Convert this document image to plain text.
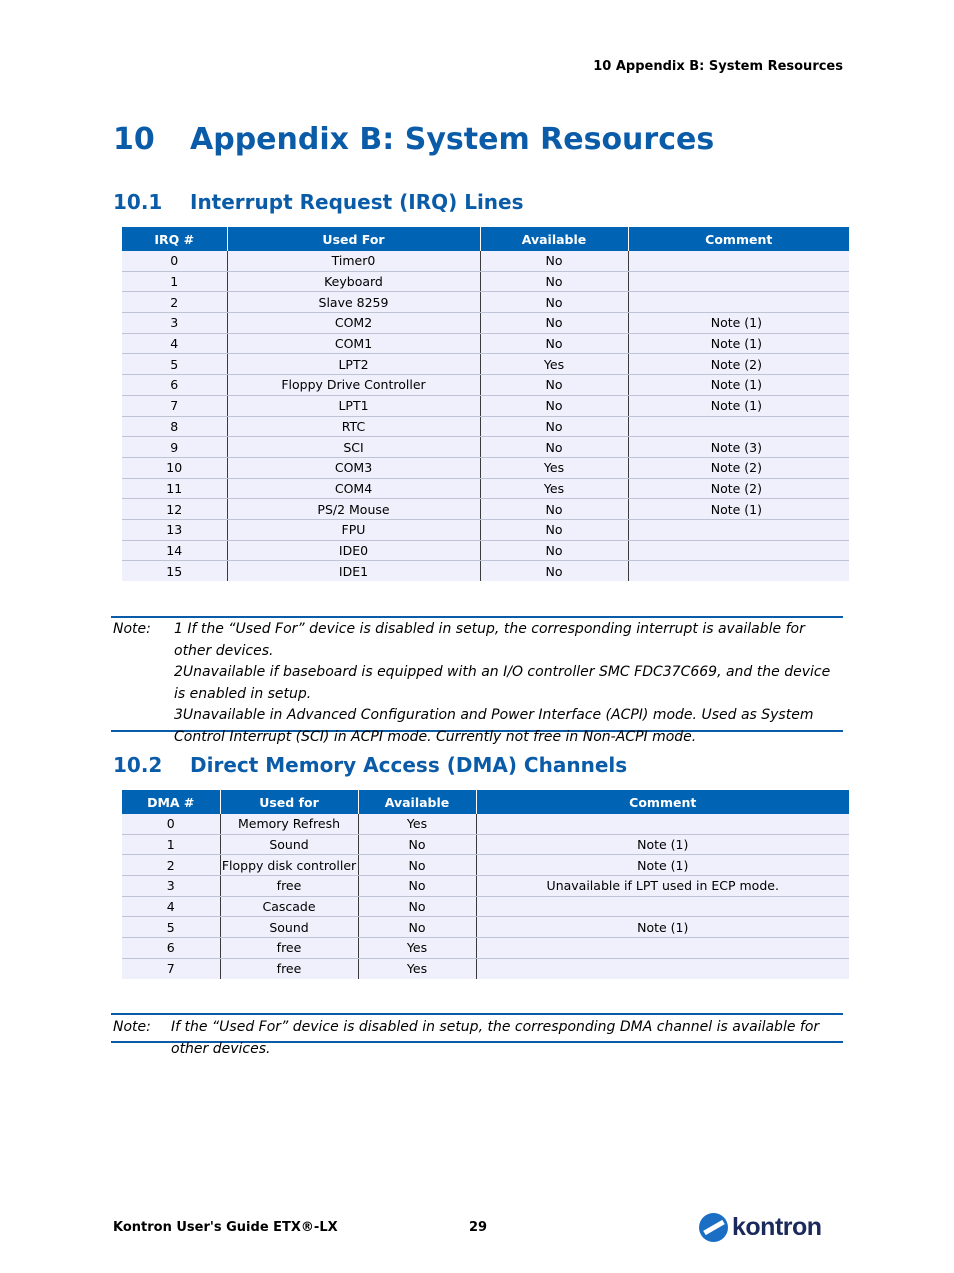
10 Appendix B: System Resources
10	Appendix B: System Resources
10.1	Interrupt Request (IRQ) Lines
IRQ #	Used For	Available	Comment
0	Timer0	No	
1	Keyboard	No	
2	Slave 8259	No	
3	COM2	No	Note (1)
4	COM1	No	Note (1)
5	LPT2	Yes	Note (2)
6	Floppy Drive Controller	No	Note (1)
7	LPT1	No	Note (1)
8	RTC	No	
9	SCI	No	Note (3)
10	COM3	Yes	Note (2)
11	COM4	Yes	Note (2)
12	PS/2 Mouse	No	Note (1)
13	FPU	No	
14	IDE0	No	
15	IDE1	No	
Note: 1 If the “Used For” device is disabled in setup, the corresponding interrupt is available for other devices.
2Unavailable if baseboard is equipped with an I/O controller SMC FDC37C669, and the device is enabled in setup.
3Unavailable in Advanced Configuration and Power Interface (ACPI) mode. Used as System Control Interrupt (SCI) in ACPI mode. Currently not free in Non-ACPI mode.
10.2	Direct Memory Access (DMA) Channels
DMA #	Used for	Available	Comment
0	Memory Refresh	Yes	
1	Sound	No	Note (1)
2	Floppy disk controller	No	Note (1)
3	free	No	Unavailable if LPT used in ECP mode.
4	Cascade	No	
5	Sound	No	Note (1)
6	free	Yes	
7	free	Yes	
Note: If the “Used For” device is disabled in setup, the corresponding DMA channel is available for other devices.
Kontron User's Guide ETX®-LX	29	kontron
